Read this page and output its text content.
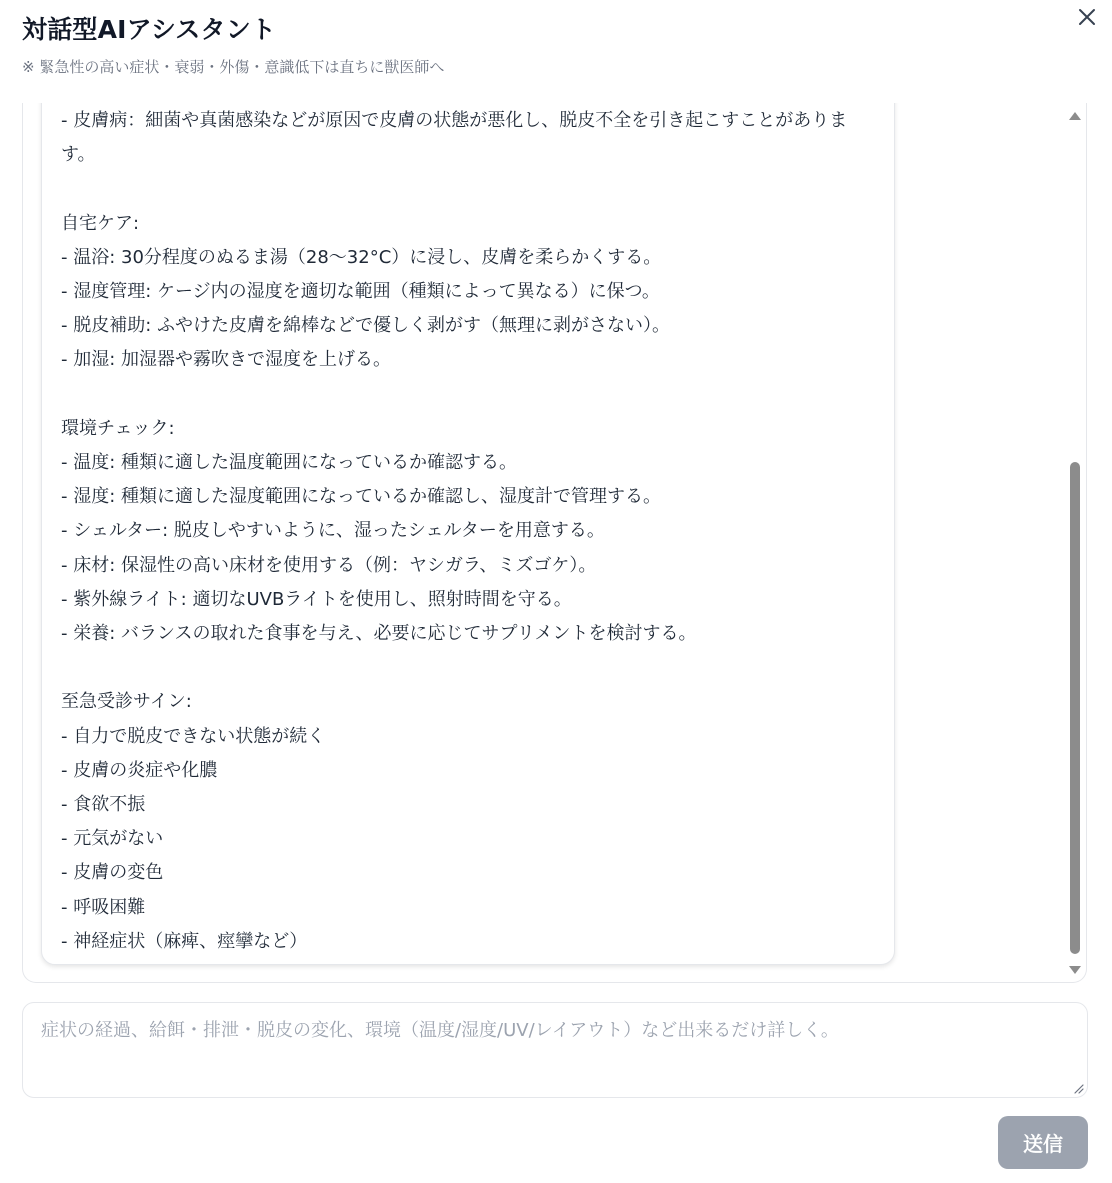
対話型AIアシスタント
※ 緊急性の高い症状・衰弱・外傷・意識低下は直ちに獣医師へ

- 皮膚病：細菌や真菌感染などが原因で皮膚の状態が悪化し、脱皮不全を引き起こすことがあります。

自宅ケア:
- 温浴: 30分程度のぬるま湯（28〜32°C）に浸し、皮膚を柔らかくする。
- 湿度管理: ケージ内の湿度を適切な範囲（種類によって異なる）に保つ。
- 脱皮補助: ふやけた皮膚を綿棒などで優しく剥がす（無理に剥がさない）。
- 加湿: 加湿器や霧吹きで湿度を上げる。

環境チェック:
- 温度: 種類に適した温度範囲になっているか確認する。
- 湿度: 種類に適した湿度範囲になっているか確認し、湿度計で管理する。
- シェルター: 脱皮しやすいように、湿ったシェルターを用意する。
- 床材: 保湿性の高い床材を使用する（例：ヤシガラ、ミズゴケ）。
- 紫外線ライト: 適切なUVBライトを使用し、照射時間を守る。
- 栄養: バランスの取れた食事を与え、必要に応じてサプリメントを検討する。

至急受診サイン:
- 自力で脱皮できない状態が続く
- 皮膚の炎症や化膿
- 食欲不振
- 元気がない
- 皮膚の変色
- 呼吸困難
- 神経症状（麻痺、痙攣など）

症状の経過、給餌・排泄・脱皮の変化、環境（温度/湿度/UV/レイアウト）など出来るだけ詳しく。
送信
